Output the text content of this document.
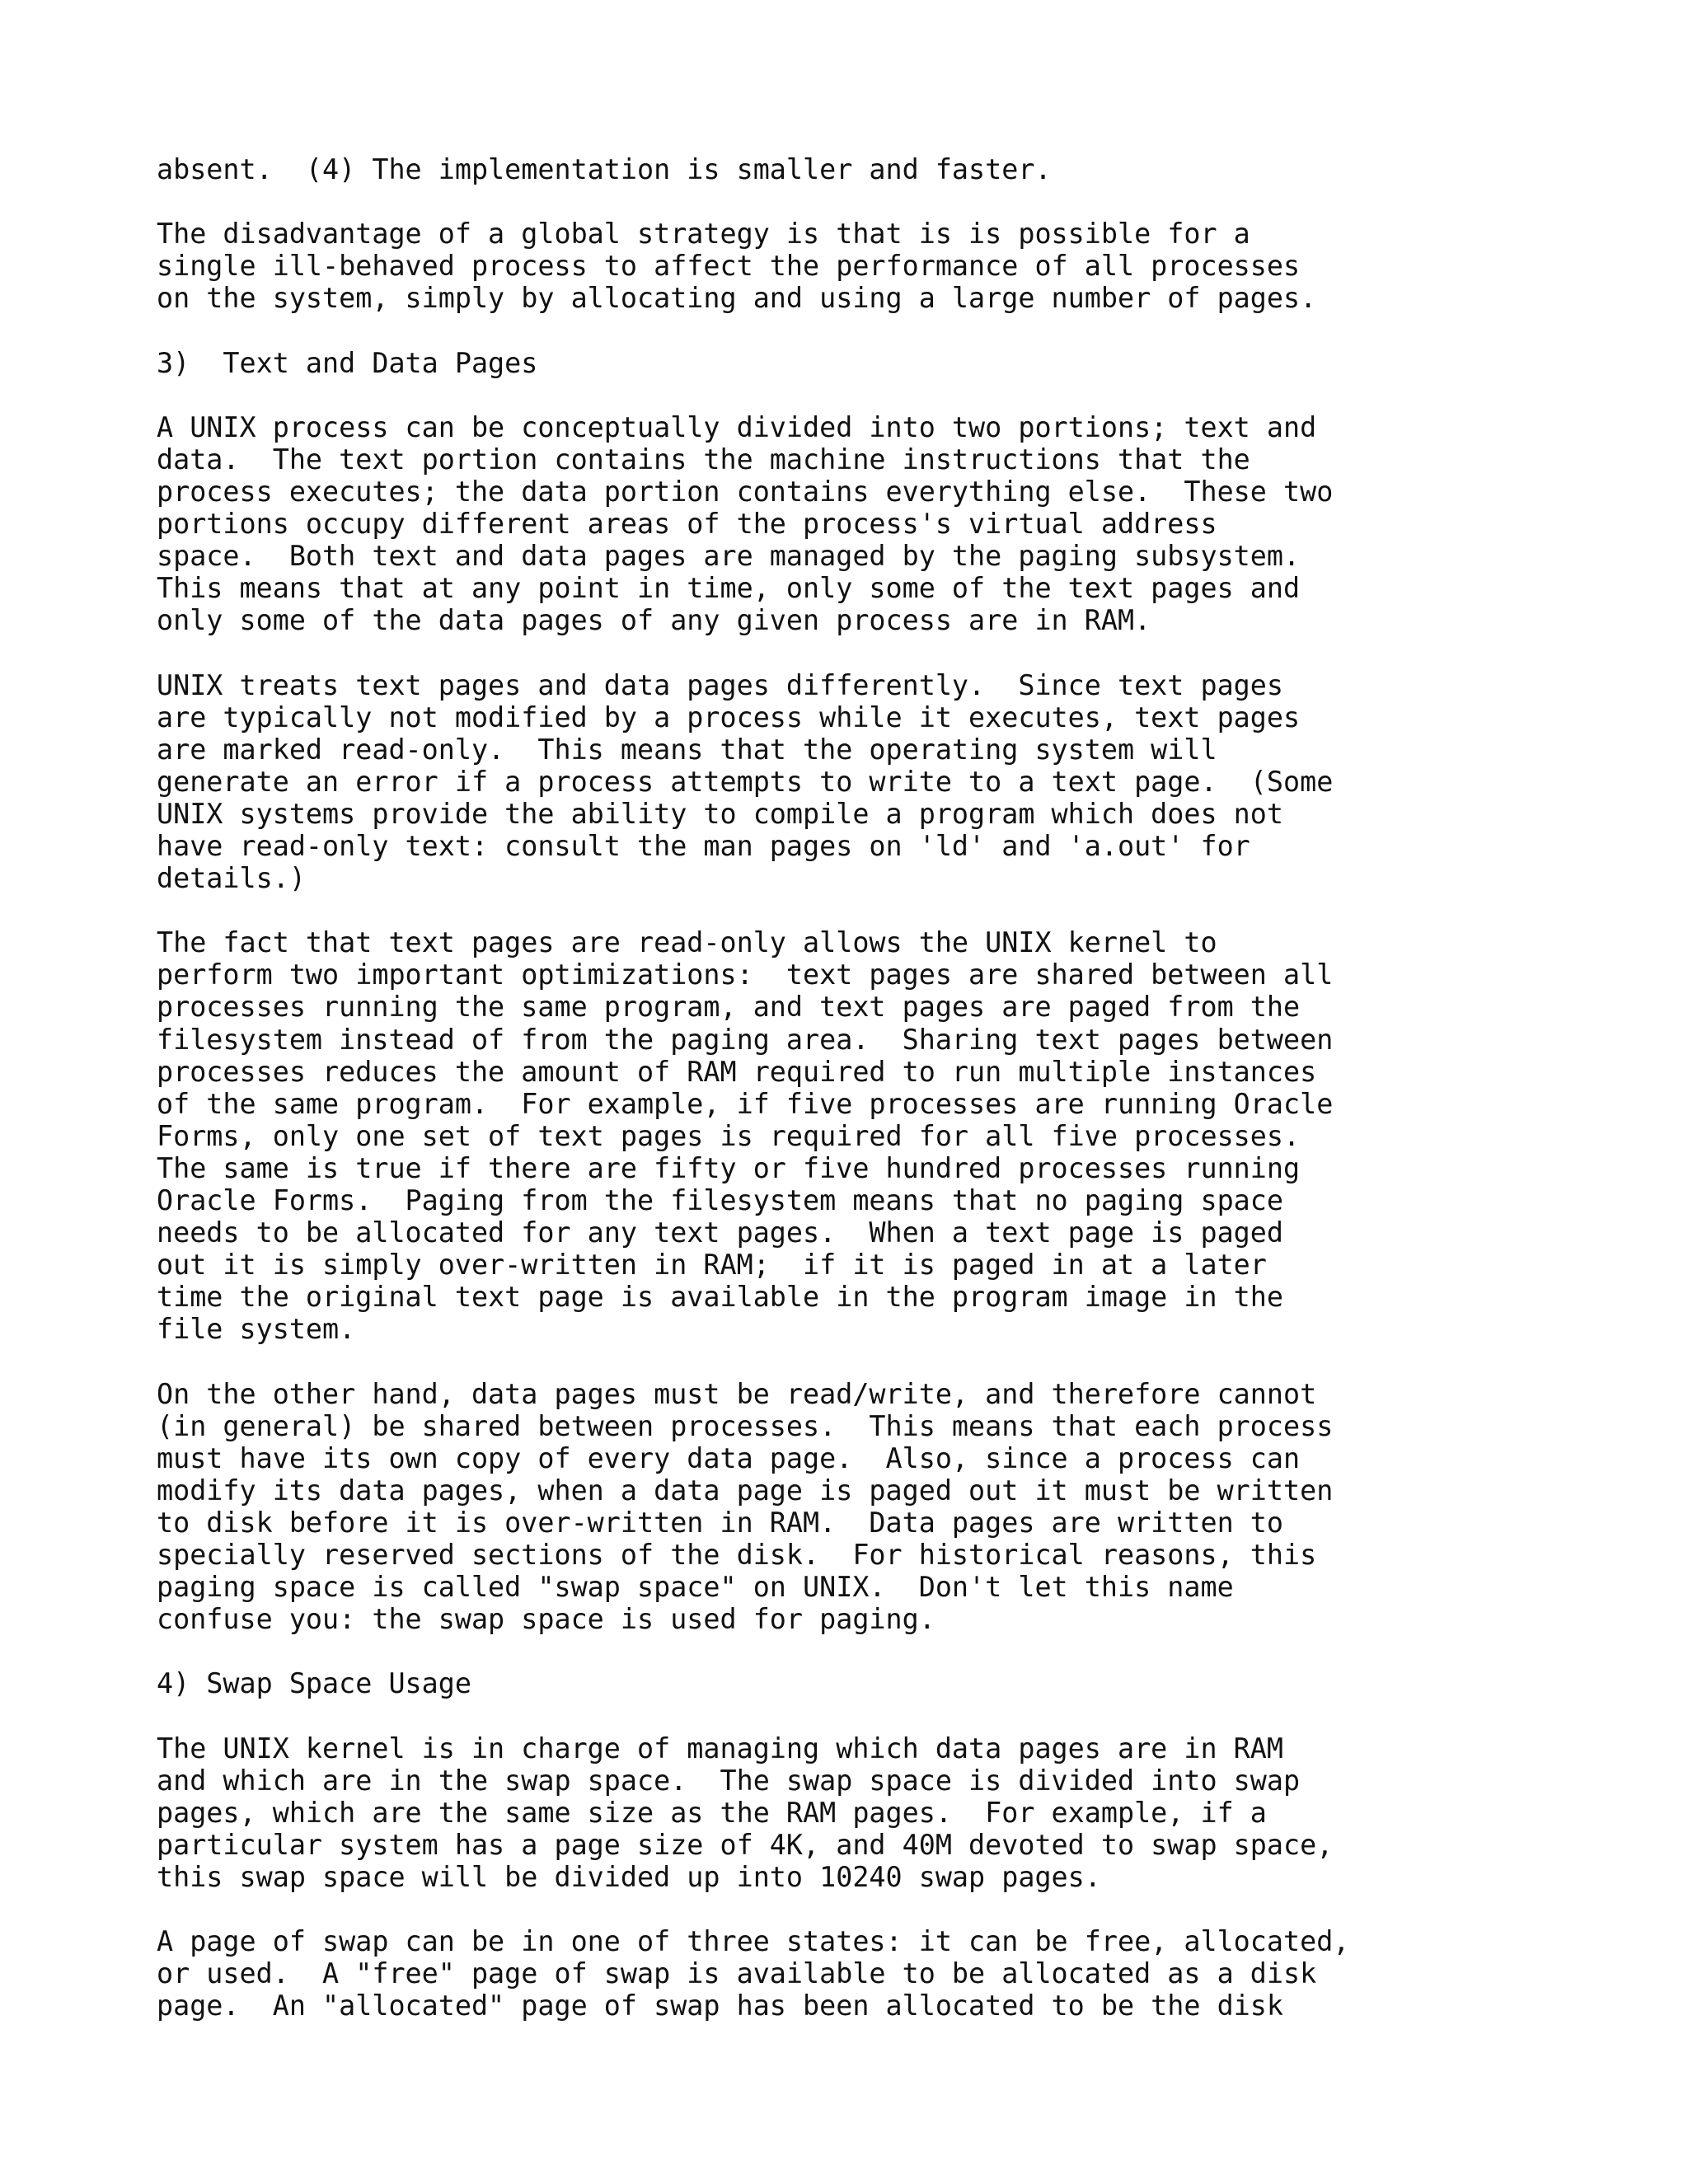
absent.  (4) The implementation is smaller and faster.
The disadvantage of a global strategy is that is is possible for a
single ill-behaved process to affect the performance of all processes
on the system, simply by allocating and using a large number of pages.
3)  Text and Data Pages
A UNIX process can be conceptually divided into two portions; text and
data.  The text portion contains the machine instructions that the
process executes; the data portion contains everything else.  These two
portions occupy different areas of the process's virtual address
space.  Both text and data pages are managed by the paging subsystem.
This means that at any point in time, only some of the text pages and
only some of the data pages of any given process are in RAM.
UNIX treats text pages and data pages differently.  Since text pages
are typically not modified by a process while it executes, text pages
are marked read-only.  This means that the operating system will
generate an error if a process attempts to write to a text page.  (Some
UNIX systems provide the ability to compile a program which does not
have read-only text: consult the man pages on 'ld' and 'a.out' for
details.)
The fact that text pages are read-only allows the UNIX kernel to
perform two important optimizations:  text pages are shared between all
processes running the same program, and text pages are paged from the
filesystem instead of from the paging area.  Sharing text pages between
processes reduces the amount of RAM required to run multiple instances
of the same program.  For example, if five processes are running Oracle
Forms, only one set of text pages is required for all five processes.
The same is true if there are fifty or five hundred processes running
Oracle Forms.  Paging from the filesystem means that no paging space
needs to be allocated for any text pages.  When a text page is paged
out it is simply over-written in RAM;  if it is paged in at a later
time the original text page is available in the program image in the
file system.
On the other hand, data pages must be read/write, and therefore cannot
(in general) be shared between processes.  This means that each process
must have its own copy of every data page.  Also, since a process can
modify its data pages, when a data page is paged out it must be written
to disk before it is over-written in RAM.  Data pages are written to
specially reserved sections of the disk.  For historical reasons, this
paging space is called "swap space" on UNIX.  Don't let this name
confuse you: the swap space is used for paging.
4) Swap Space Usage
The UNIX kernel is in charge of managing which data pages are in RAM
and which are in the swap space.  The swap space is divided into swap
pages, which are the same size as the RAM pages.  For example, if a
particular system has a page size of 4K, and 40M devoted to swap space,
this swap space will be divided up into 10240 swap pages.
A page of swap can be in one of three states: it can be free, allocated,
or used.  A "free" page of swap is available to be allocated as a disk
page.  An "allocated" page of swap has been allocated to be the disk
